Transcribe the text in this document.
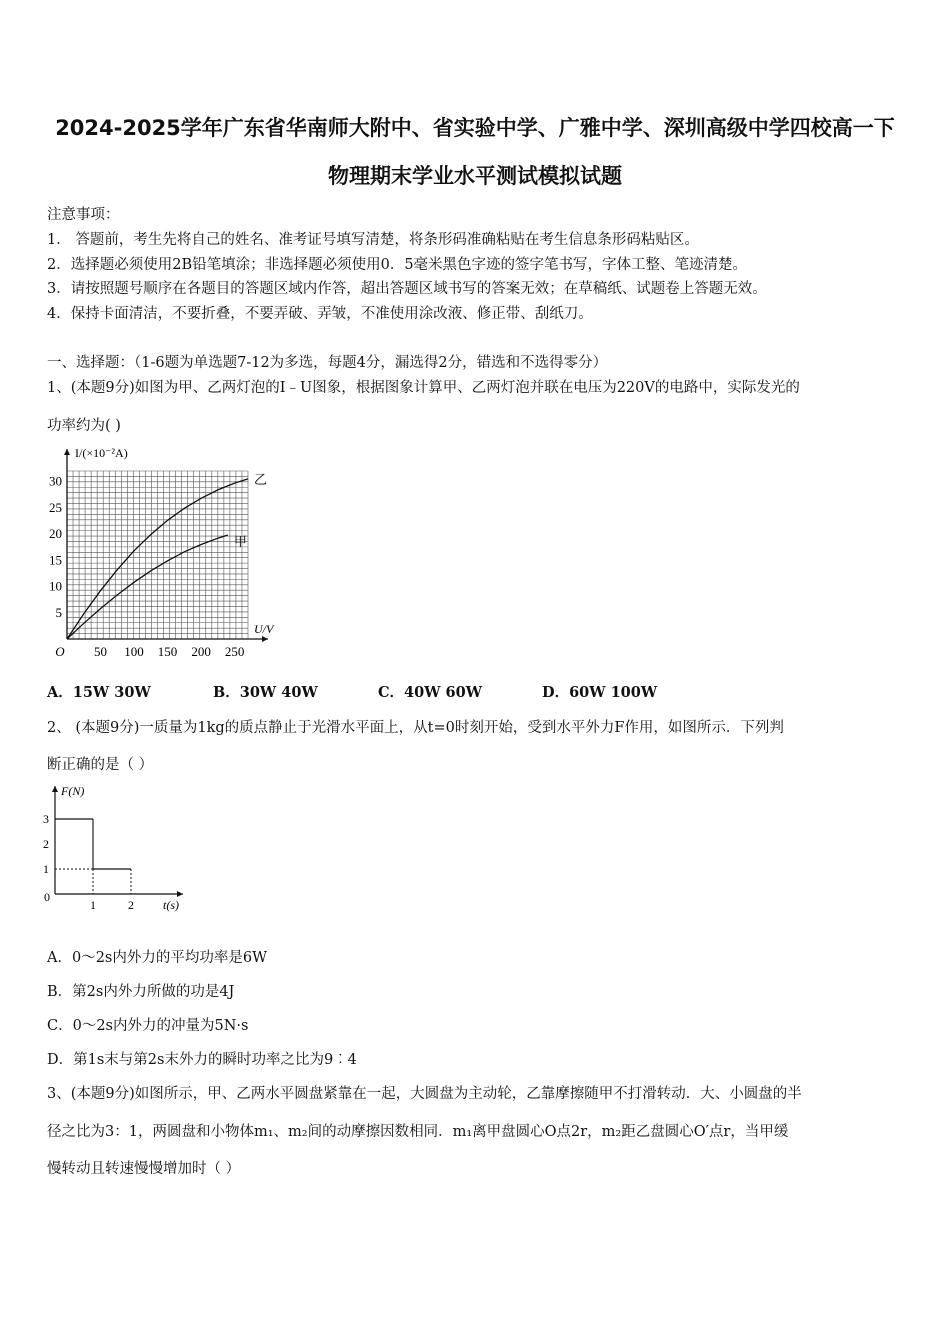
2024-2025学年广东省华南师大附中、省实验中学、广雅中学、深圳高级中学四校高一下
物理期末学业水平测试模拟试题
注意事项：
1． 答题前，考生先将自己的姓名、准考证号填写清楚，将条形码准确粘贴在考生信息条形码粘贴区。
2．选择题必须使用2B铅笔填涂；非选择题必须使用0．5毫米黑色字迹的签字笔书写，字体工整、笔迹清楚。
3．请按照题号顺序在各题目的答题区域内作答，超出答题区域书写的答案无效；在草稿纸、试题卷上答题无效。
4．保持卡面清洁，不要折叠，不要弄破、弄皱，不准使用涂改液、修正带、刮纸刀。
一、选择题：（1-6题为单选题7-12为多选，每题4分，漏选得2分，错选和不选得零分）
1、(本题9分)如图为甲、乙两灯泡的I﹣U图象，根据图象计算甲、乙两灯泡并联在电压为220V的电路中，实际发光的
功率约为( )
50 100 150 200 250
5
10
15
20
25
30
O
U/V
I/(×10⁻²A)
乙
甲
A．15W 30W	B．30W 40W	C．40W 60W	D．60W 100W
2、 (本题9分)一质量为1kg的质点静止于光滑水平面上，从t=0时刻开始，受到水平外力F作用，如图所示．下列判
断正确的是（ ）
1	2
1
2
3
0
t(s)
F(N)
A．0～2s内外力的平均功率是6W
B．第2s内外力所做的功是4J
C．0～2s内外力的冲量为5N·s
D．第1s末与第2s末外力的瞬时功率之比为9︰4
3、(本题9分)如图所示，甲、乙两水平圆盘紧靠在一起，大圆盘为主动轮，乙靠摩擦随甲不打滑转动．大、小圆盘的半
径之比为3：1，两圆盘和小物体m₁、m₂间的动摩擦因数相同．m₁离甲盘圆心O点2r，m₂距乙盘圆心O′点r，当甲缓
慢转动且转速慢慢增加时（ ）
